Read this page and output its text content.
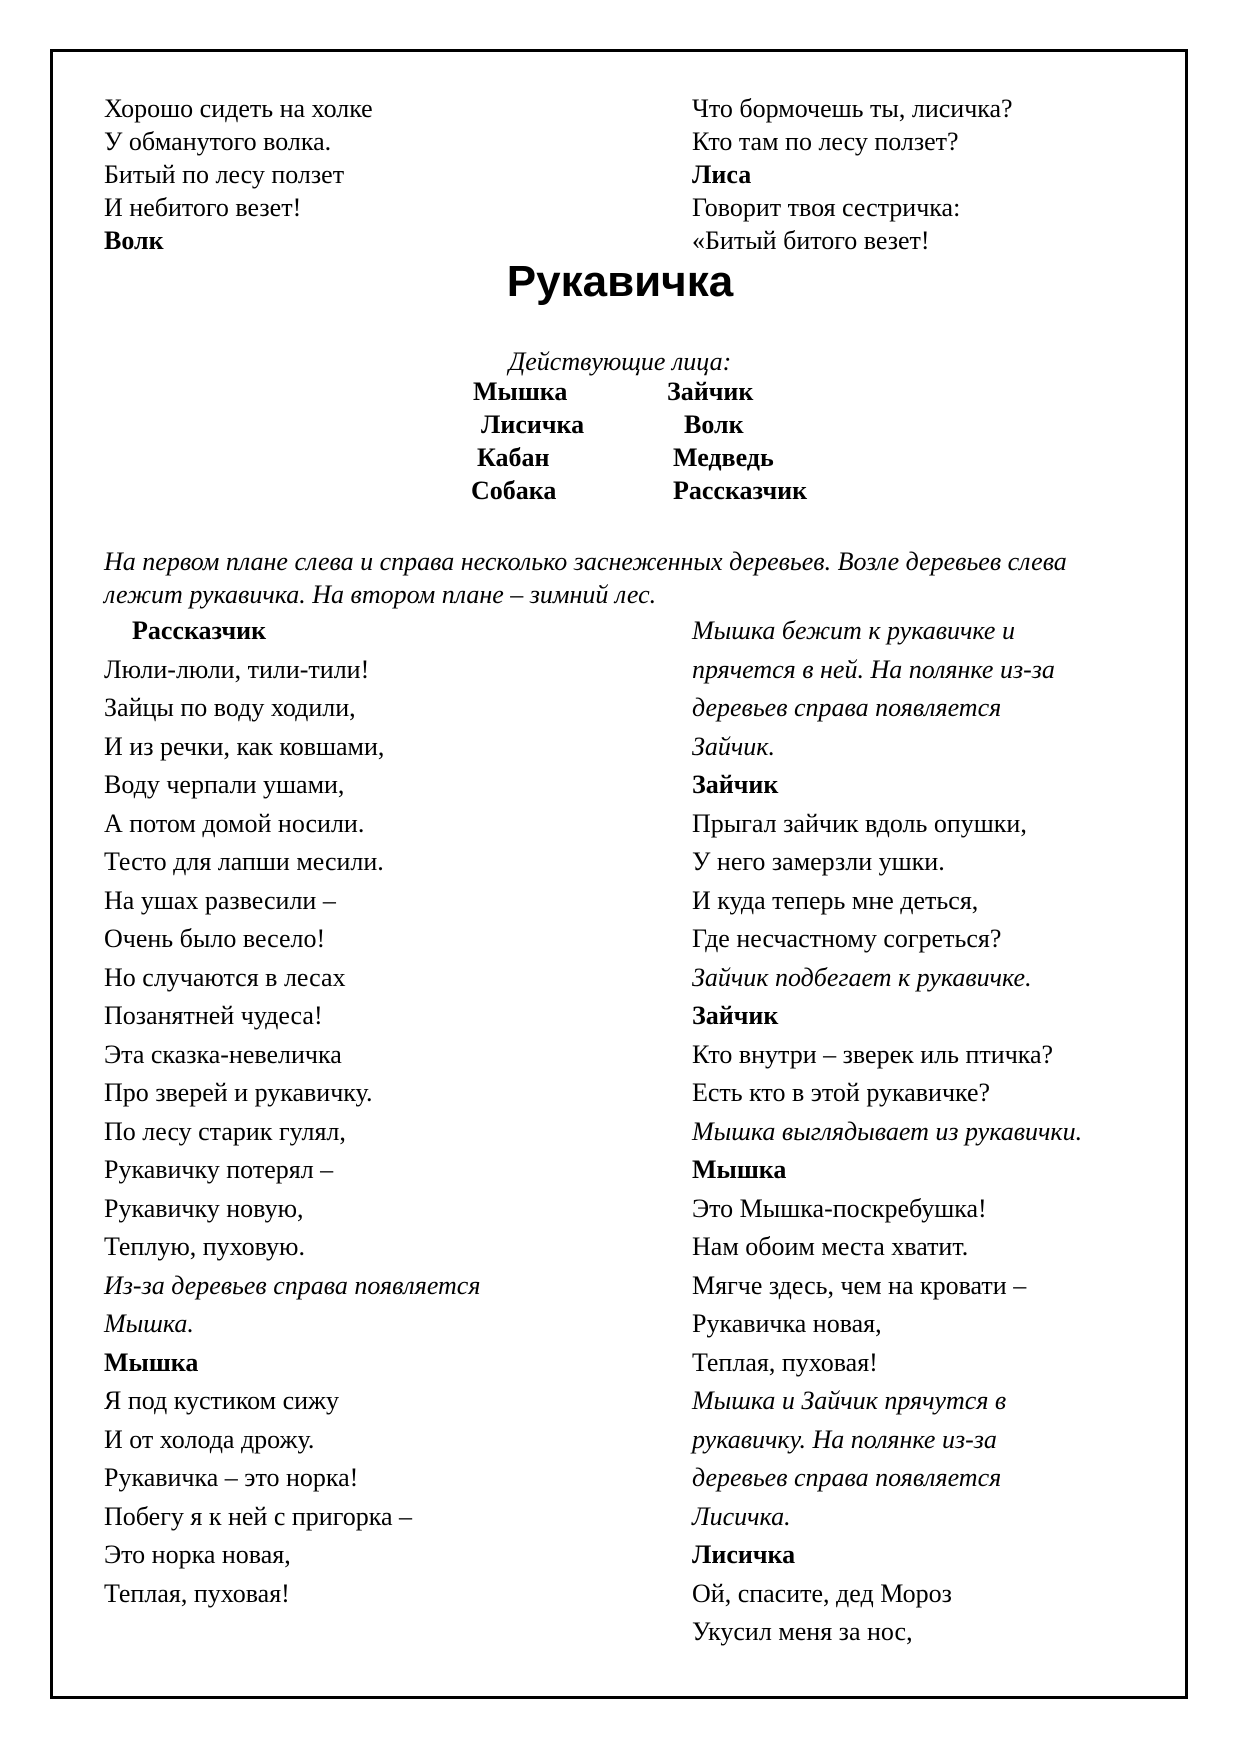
Хорошо сидеть на холке
У обманутого волка.
Битый по лесу ползет
И небитого везет!
Волк
Что бормочешь ты, лисичка?
Кто там по лесу ползет?
Лиса
Говорит твоя сестричка:
«Битый битого везет!
Рукавичка
Действующие лица:
Мышка	Зайчик
Лисичка	Волк
Кабан	Медведь
Собака	Рассказчик
На первом плане слева и справа несколько заснеженных деревьев. Возле деревьев слева лежит рукавичка. На втором плане – зимний лес.
Рассказчик
Люли-люли, тили-тили!
Зайцы по воду ходили,
И из речки, как ковшами,
Воду черпали ушами,
А потом домой носили.
Тесто для лапши месили.
На ушах развесили –
Очень было весело!
Но случаются в лесах
Позанятней чудеса!
Эта сказка-невеличка
Про зверей и рукавичку.
По лесу старик гулял,
Рукавичку потерял –
Рукавичку новую,
Теплую, пуховую.
Из-за деревьев справа появляется
Мышка.
Мышка
Я под кустиком сижу
И от холода дрожу.
Рукавичка – это норка!
Побегу я к ней с пригорка –
Это норка новая,
Теплая, пуховая!
Мышка бежит к рукавичке и
прячется в ней. На полянке из-за
деревьев справа появляется
Зайчик.
Зайчик
Прыгал зайчик вдоль опушки,
У него замерзли ушки.
И куда теперь мне деться,
Где несчастному согреться?
Зайчик подбегает к рукавичке.
Зайчик
Кто внутри – зверек иль птичка?
Есть кто в этой рукавичке?
Мышка выглядывает из рукавички.
Мышка
Это Мышка-поскребушка!
Нам обоим места хватит.
Мягче здесь, чем на кровати –
Рукавичка новая,
Теплая, пуховая!
Мышка и Зайчик прячутся в
рукавичку. На полянке из-за
деревьев справа появляется
Лисичка.
Лисичка
Ой, спасите, дед Мороз
Укусил меня за нос,
